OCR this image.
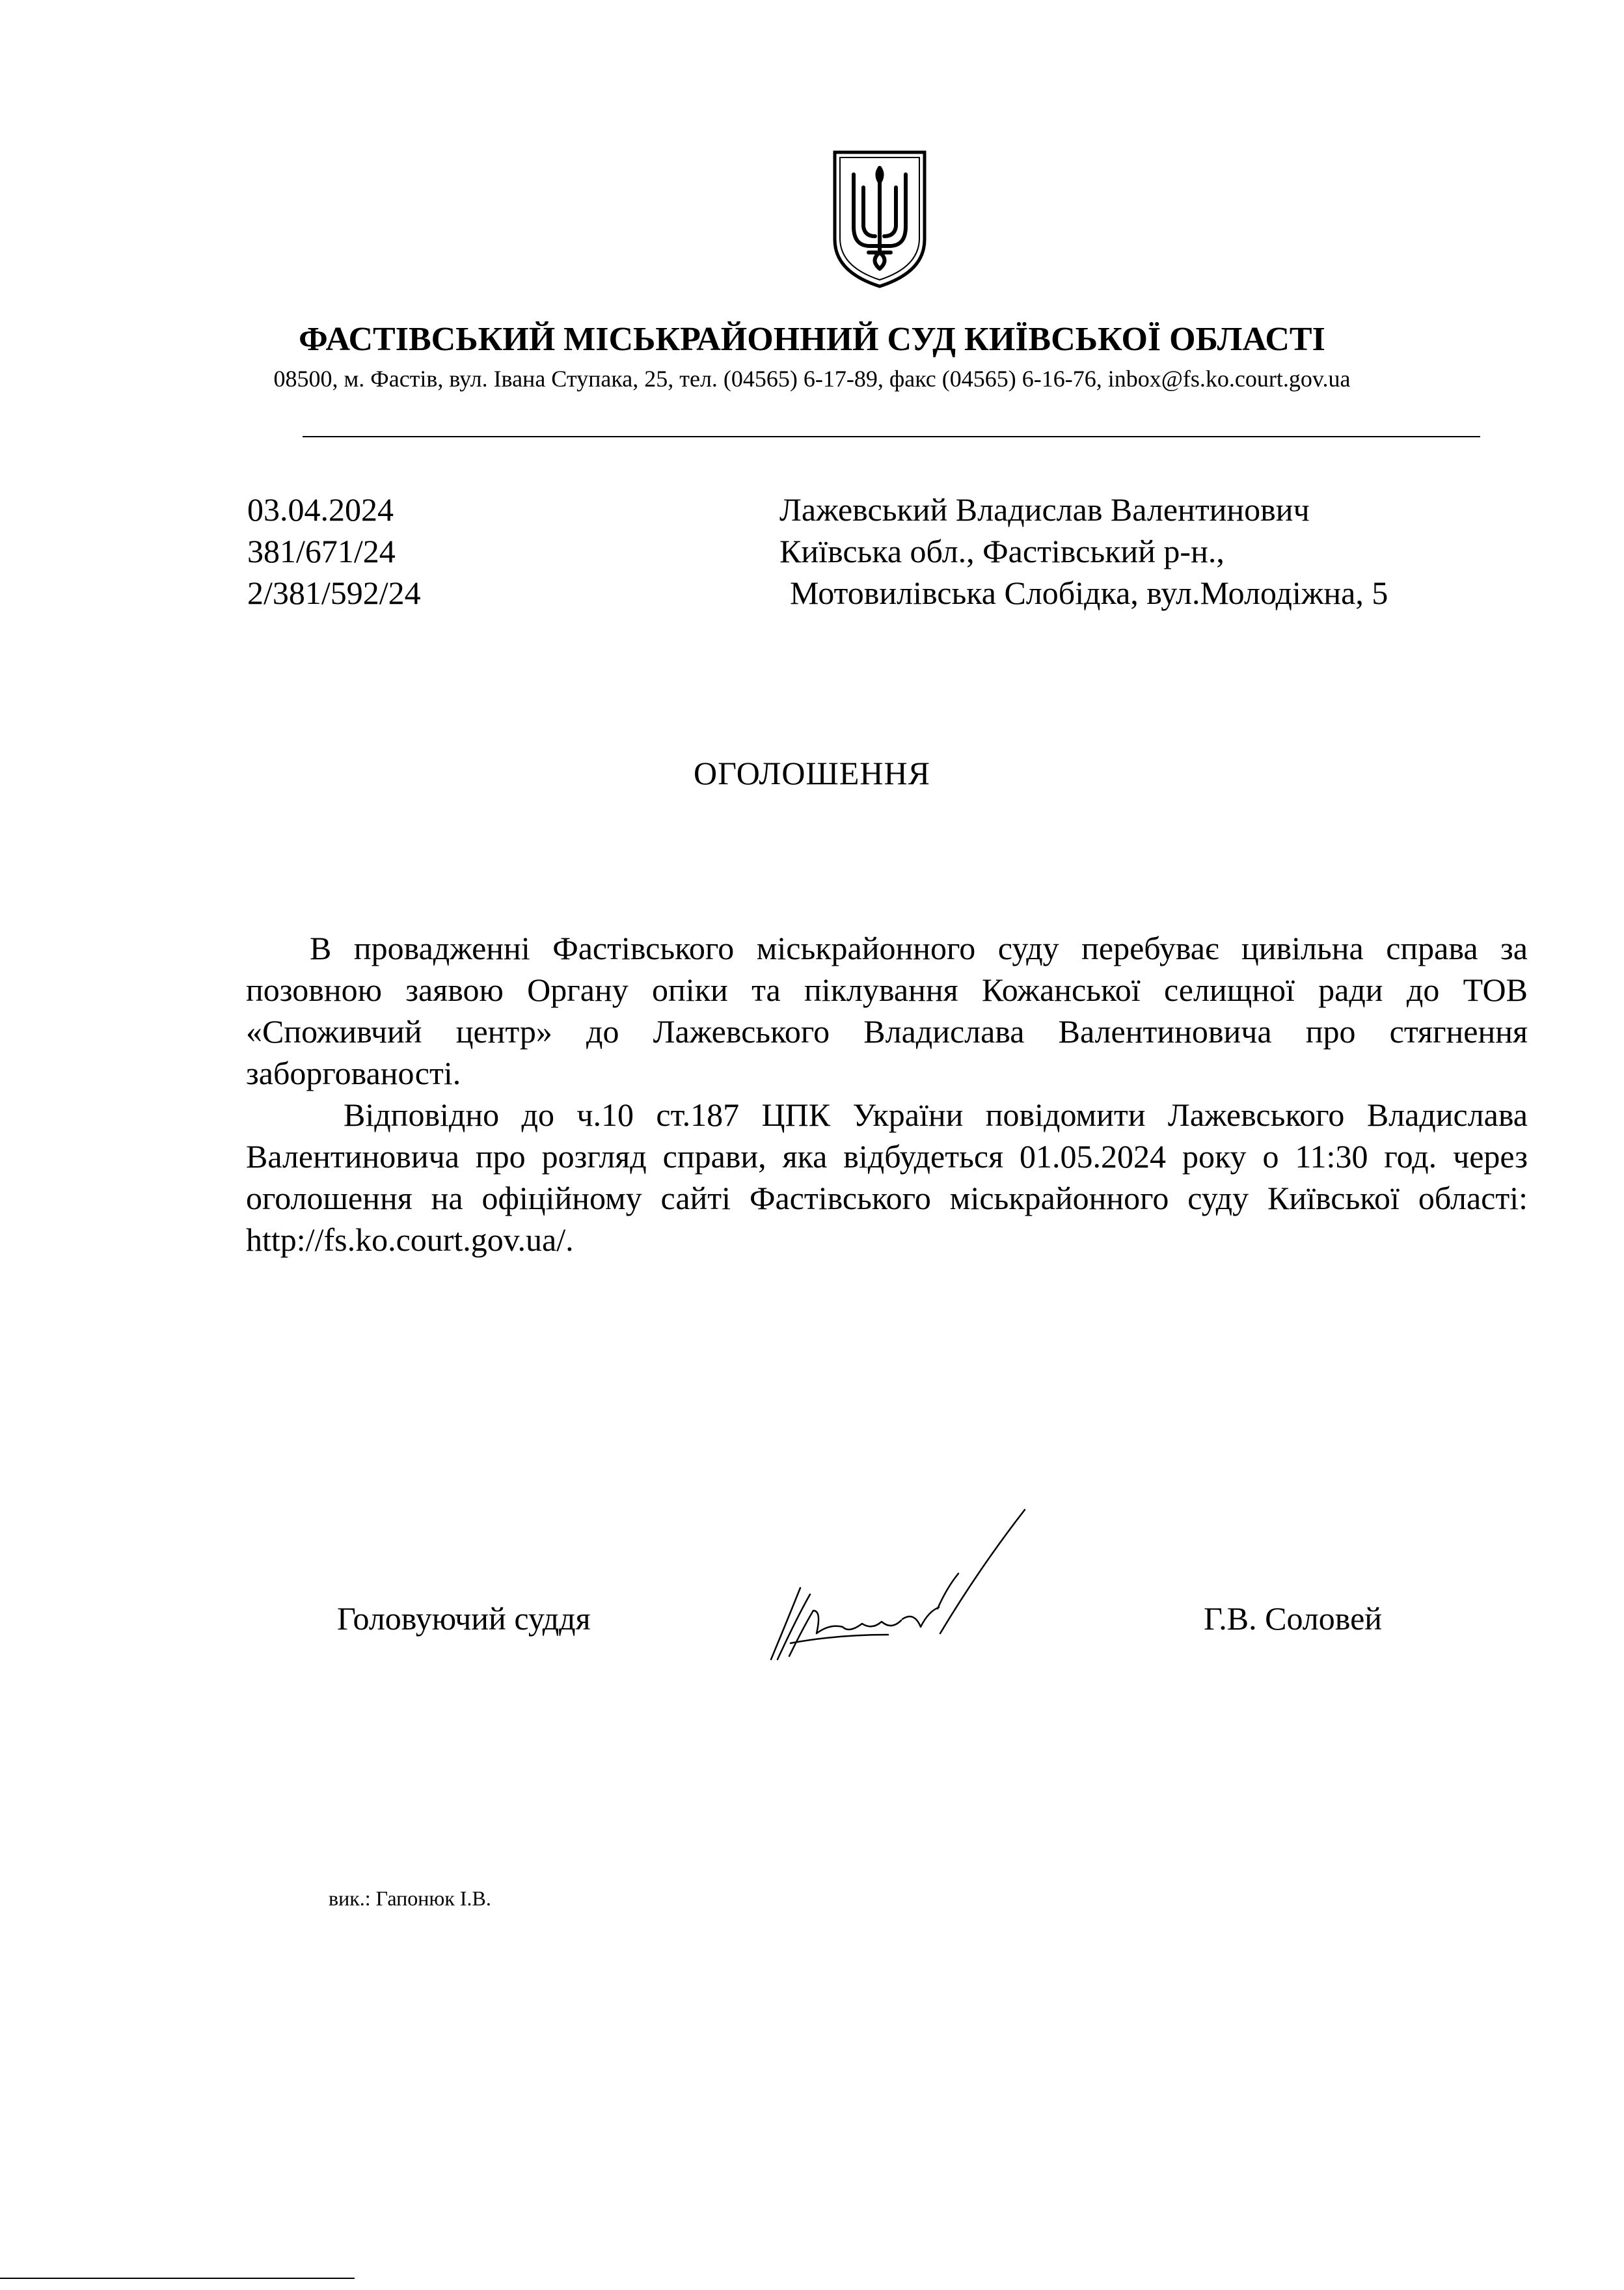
ФАСТІВСЬКИЙ МІСЬКРАЙОННИЙ СУД КИЇВСЬКОЇ ОБЛАСТІ
08500, м. Фастів, вул. Івана Ступака, 25, тел. (04565) 6-17-89, факс (04565) 6-16-76, inbox@fs.ko.court.gov.ua
03.04.2024
381/671/24
2/381/592/24
Лажевський Владислав Валентинович
Київська обл., Фастівський р-н.,
Мотовилівська Слобідка, вул.Молодіжна, 5
ОГОЛОШЕННЯ

В провадженні Фастівського міськрайонного суду перебуває цивільна справа за позовною заявою Органу опіки та піклування Кожанської селищної ради до ТОВ «Споживчий центр» до Лажевського Владислава Валентиновича про стягнення заборгованості.

Відповідно до ч.10 ст.187 ЦПК України повідомити Лажевського Владислава Валентиновича про розгляд справи, яка відбудеться 01.05.2024 року о 11:30 год. через оголошення на офіційному сайті Фастівського міськрайонного суду Київської області: http://fs.ko.court.gov.ua/.

Головуючий суддя	Г.В. Соловей
вик.: Гапонюк І.В.
